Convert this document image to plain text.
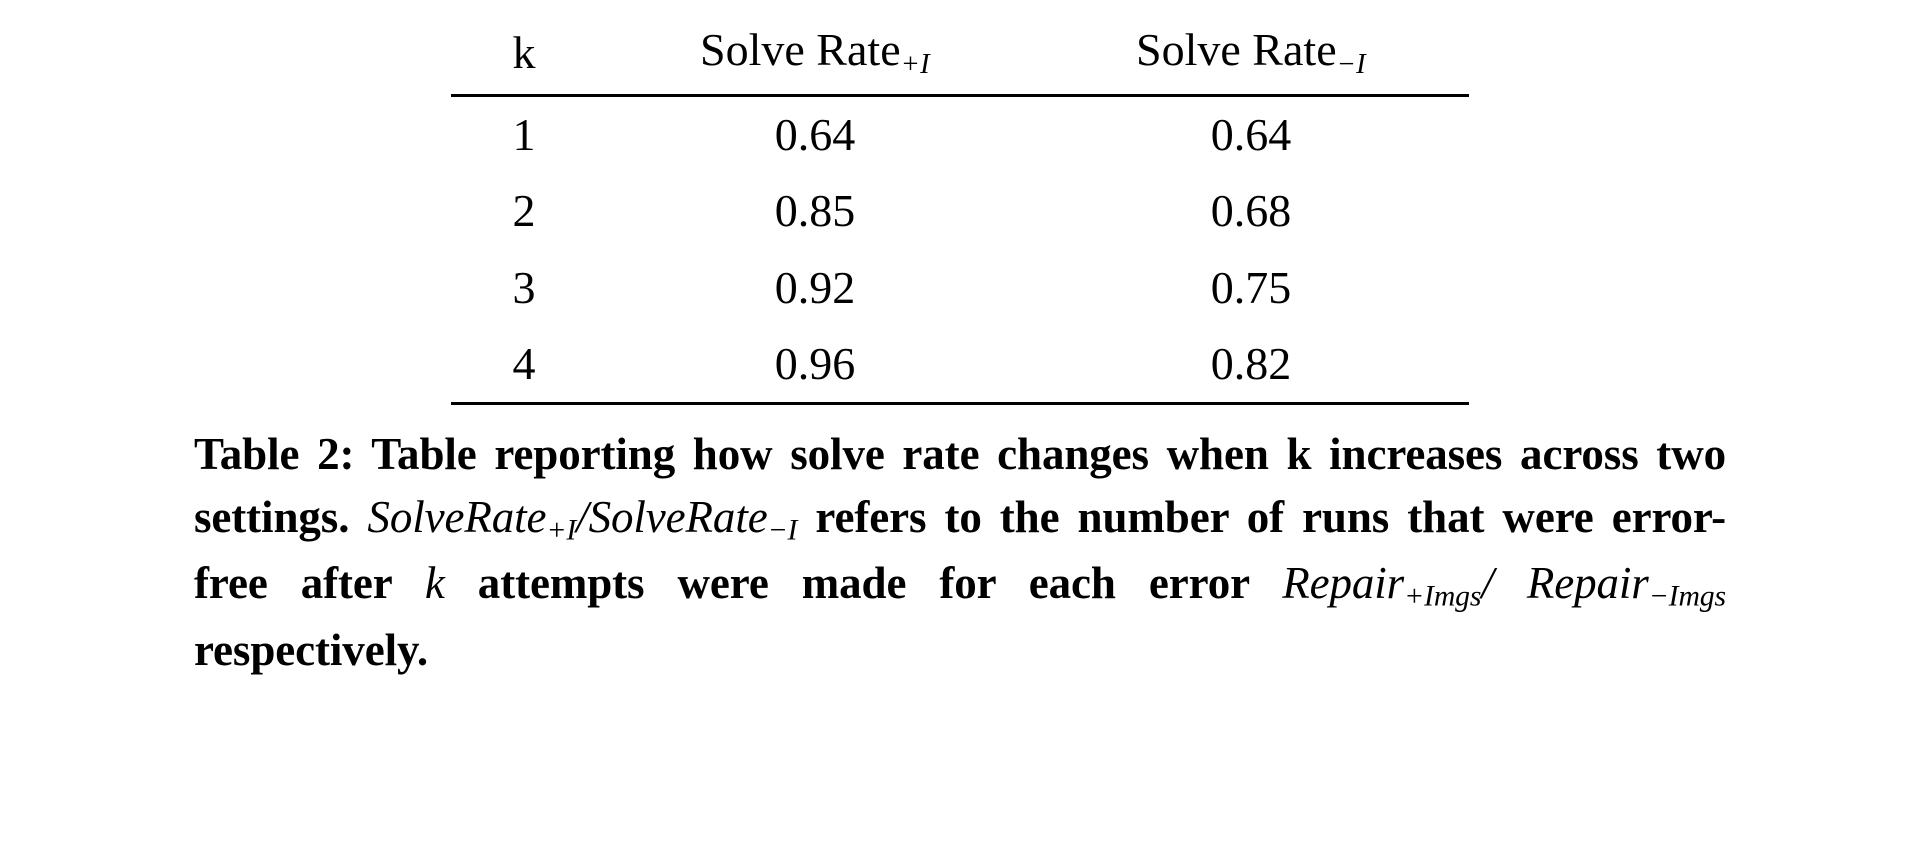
k	Solve Rate$_{+I}$	Solve Rate$_{-I}$
1	0.64	0.64
2	0.85	0.68
3	0.92	0.75
4	0.96	0.82
Table 2: Table reporting how solve rate changes when k increases across two settings. SolveRate$_{+I}$/SolveRate$_{-I}$ refers to the number of runs that were error-free after k attempts were made for each error Repair$_{+Imgs}$/ Repair$_{-Imgs}$ respectively.
